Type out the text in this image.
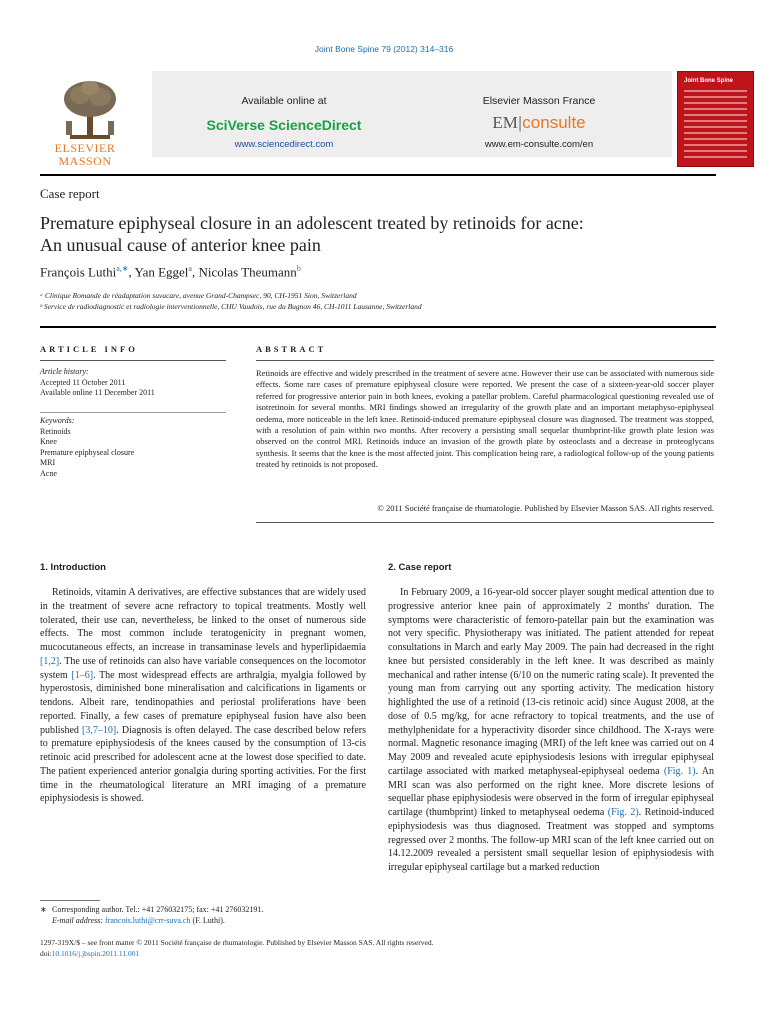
Joint Bone Spine 79 (2012) 314–316
ELSEVIER
MASSON
Available online at
SciVerse ScienceDirect
www.sciencedirect.com
Elsevier Masson France
EM|consulte
www.em-consulte.com/en
Joint Bone Spine
Case report
Premature epiphyseal closure in an adolescent treated by retinoids for acne:
An unusual cause of anterior knee pain
François Luthi$^{a,∗}$, Yan Eggel$^a$, Nicolas Theumann$^b$
ᵃ Clinique Romande de réadaptation suvacare, avenue Grand-Champsec, 90, CH-1951 Sion, Switzerland
ᵇ Service de radiodiagnostic et radiologie interventionnelle, CHU Vaudois, rue du Bugnon 46, CH-1011 Lausanne, Switzerland
ARTICLE INFO	ABSTRACT
Article history:
Accepted 11 October 2011
Available online 11 December 2011
Keywords:
Retinoids
Knee
Premature epiphyseal closure
MRI
Acne
Retinoids are effective and widely prescribed in the treatment of severe acne. However their use can be associated with numerous side effects. Some rare cases of premature epiphyseal closure were reported. We present the case of a sixteen-year-old soccer player referred for progressive anterior pain in both knees, evoking a patellar problem. Careful pharmacological questioning revealed use of isotretinoin for several months. MRI findings showed an irregularity of the growth plate and an important metaphyso-epiphyseal oedema, more noticeable in the left knee. Retinoid-induced premature epiphyseal closure was diagnosed. The treatment was stopped, with a resolution of pain within two months. After recovery a persisting small sequelar thumbprint-like growth plate lesion was observed on the control MRI. Retinoids induce an invasion of the growth plate by osteoclasts and a decrease in proteoglycans synthesis. It seems that the knee is the most affected joint. This complication being rare, a radiological follow-up of the young patients treated by retinoids is not proposed.
© 2011 Société française de rhumatologie. Published by Elsevier Masson SAS. All rights reserved.
1. Introduction	2. Case report

Retinoids, vitamin A derivatives, are effective substances that are widely used in the treatment of severe acne refractory to topical treatments. Mostly well tolerated, their use can, nevertheless, be linked to the onset of numerous side effects. The most common include teratogenicity in pregnant women, mucocutaneous effects, an increase in transaminase levels and hyperlipidaemia [1,2]. The use of retinoids can also have variable consequences on the locomotor system [1–6]. The most widespread effects are arthralgia, myalgia followed by hyperostosis, diminished bone mineralisation and calcifications in ligaments or tendons. Albeit rare, tendinopathies and periostal proliferations have been reported. Finally, a few cases of premature epiphyseal fusion have also been published [3,7–10]. Diagnosis is often delayed. The case described below refers to premature epiphysiodesis of the knees caused by the consumption of 13-cis retinoic acid prescribed for adolescent acne at the lowest dose specified to date. The patient experienced anterior gonalgia during sporting activities. For the first time in the rheumatological literature an MRI imaging of a premature epiphysiodesis is showed.

In February 2009, a 16-year-old soccer player sought medical attention due to progressive anterior knee pain of approximately 2 months' duration. The symptoms were characteristic of femoro-patellar pain but the examination was not very specific. Physiotherapy was initiated. The patient attended for repeat consultations in March and early May 2009. The pain had decreased in the right knee but persisted considerably in the left knee. It was described as mainly mechanical and rather intense (6/10 on the numeric rating scale). It prevented the young man from carrying out any sporting activity. The medication history highlighted the use of a retinoid (13-cis retinoic acid) since August 2008, at the dose of 0.5 mg/kg, for acne refractory to topical treatments, and the use of methylphenidate for a hyperactivity disorder since childhood. The X-rays were normal. Magnetic resonance imaging (MRI) of the left knee was carried out on 4 May 2009 and revealed acute epiphysiodesis lesions with irregular epiphyseal cartilage associated with marked metaphyseal-epiphyseal oedema (Fig. 1). An MRI scan was also performed on the right knee. More discrete lesions of sequellar phase epiphysiodesis were observed in the form of irregular epiphyseal cartilage (thumbprint) linked to metaphyseal oedema (Fig. 2). Retinoid-induced epiphysiodesis was thus diagnosed. Treatment was stopped and symptoms regressed over 2 months. The follow-up MRI scan of the left knee carried out on 14.12.2009 revealed a persistent small sequellar lesion of epiphysiodesis with irregular epiphyseal cartilage but a marked reduction

∗ Corresponding author. Tel.: +41 276032175; fax: +41 276032191.
E-mail address: francois.luthi@crr-suva.ch (F. Luthi).
1297-319X/$ – see front matter © 2011 Société française de rhumatologie. Published by Elsevier Masson SAS. All rights reserved.
doi:10.1016/j.jbspin.2011.11.001
